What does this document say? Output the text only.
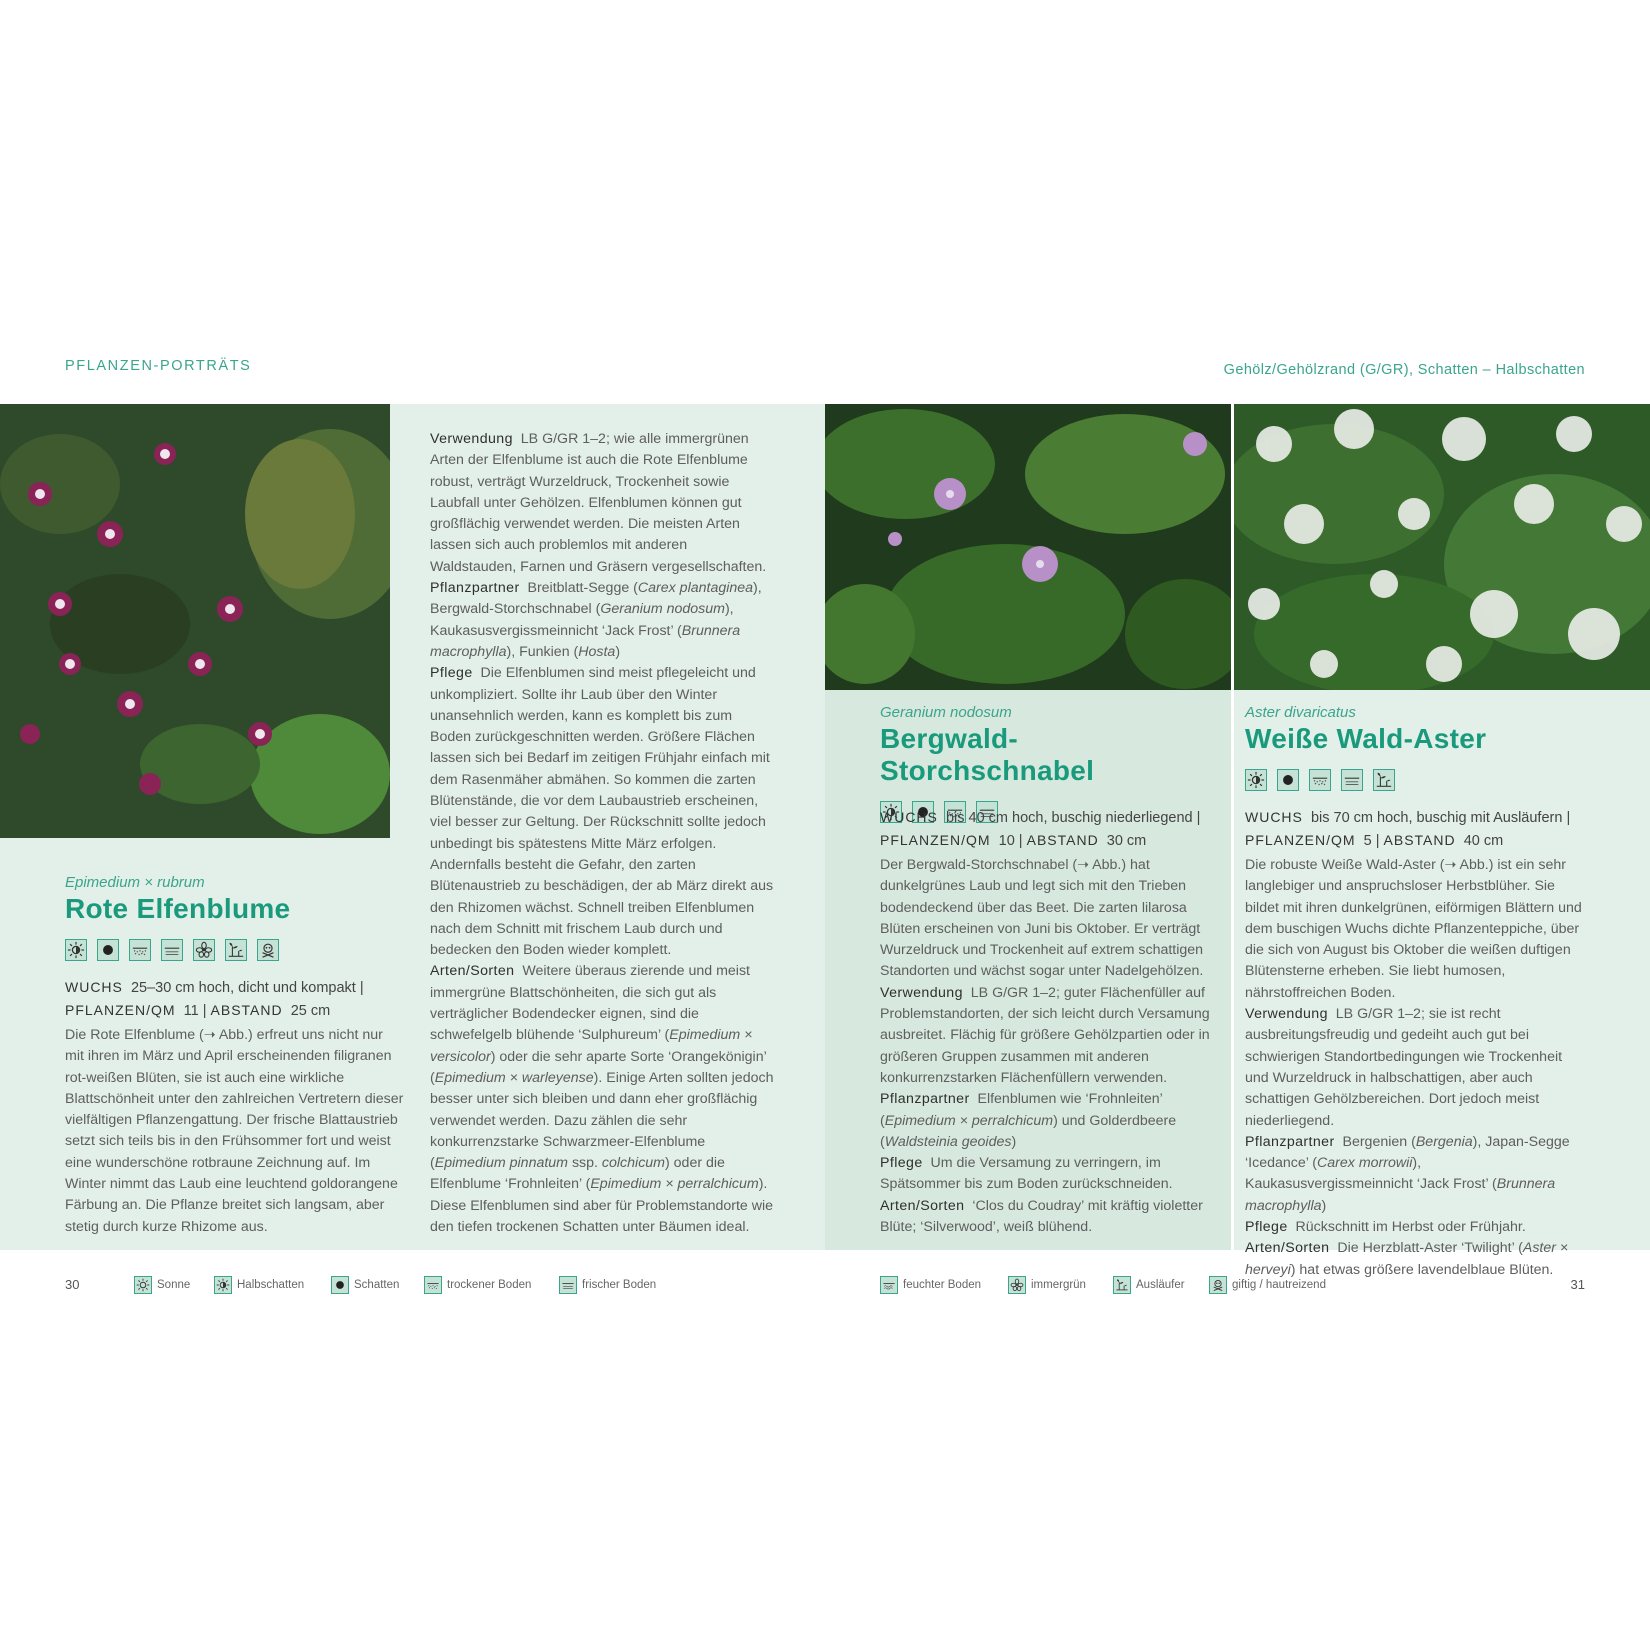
PFLANZEN-PORTRÄTS	Gehölz/Gehölzrand (G/GR), Schatten – Halbschatten
Epimedium × rubrum
Rote Elfenblume
WUCHS 25–30 cm hoch, dicht und kompakt | PFLANZEN/QM 11 | ABSTAND 25 cm
Die Rote Elfenblume (➝ Abb.) erfreut uns nicht nur mit ihren im März und April erscheinenden filigranen rot-weißen Blüten, sie ist auch eine wirkliche Blattschönheit unter den zahlreichen Vertretern dieser vielfältigen Pflanzengattung. Der frische Blattaustrieb setzt sich teils bis in den Frühsommer fort und weist eine wunderschöne rotbraune Zeichnung auf. Im Winter nimmt das Laub eine leuchtend goldorangene Färbung an. Die Pflanze breitet sich langsam, aber stetig durch kurze Rhizome aus.

Verwendung LB G/GR 1–2; wie alle immergrünen Arten der Elfenblume ist auch die Rote Elfenblume robust, verträgt Wurzeldruck, Trockenheit sowie Laubfall unter Gehölzen. Elfenblumen können gut großflächig verwendet werden. Die meisten Arten lassen sich auch problemlos mit anderen Waldstauden, Farnen und Gräsern vergesellschaften.

Pflanzpartner Breitblatt-Segge (Carex plantaginea), Bergwald-Storchschnabel (Geranium nodosum), Kaukasusvergissmeinnicht ‘Jack Frost’ (Brunnera macrophylla), Funkien (Hosta)

Pflege Die Elfenblumen sind meist pflegeleicht und unkompliziert. Sollte ihr Laub über den Winter unansehnlich werden, kann es komplett bis zum Boden zurückgeschnitten werden. Größere Flächen lassen sich bei Bedarf im zeitigen Frühjahr einfach mit dem Rasenmäher abmähen. So kommen die zarten Blütenstände, die vor dem Laubaustrieb erscheinen, viel besser zur Geltung. Der Rückschnitt sollte jedoch unbedingt bis spätestens Mitte März erfolgen. Andernfalls besteht die Gefahr, den zarten Blütenaustrieb zu beschädigen, der ab März direkt aus den Rhizomen wächst. Schnell treiben Elfenblumen nach dem Schnitt mit frischem Laub durch und bedecken den Boden wieder komplett.

Arten/Sorten Weitere überaus zierende und meist immergrüne Blattschönheiten, die sich gut als verträglicher Bodendecker eignen, sind die schwefelgelb blühende ‘Sulphureum’ (Epimedium × versicolor) oder die sehr aparte Sorte ‘Orangekönigin’ (Epimedium × warleyense). Einige Arten sollten jedoch besser unter sich bleiben und dann eher großflächig verwendet werden. Dazu zählen die sehr konkurrenzstarke Schwarzmeer-Elfenblume (Epimedium pinnatum ssp. colchicum) oder die Elfenblume ‘Frohnleiten’ (Epimedium × perralchicum). Diese Elfenblumen sind aber für Problemstandorte wie den tiefen trockenen Schatten unter Bäumen ideal.

Geranium nodosum
Bergwald-Storchschnabel
WUCHS bis 40 cm hoch, buschig niederliegend | PFLANZEN/QM 10 | ABSTAND 30 cm

Der Bergwald-Storchschnabel (➝ Abb.) hat dunkelgrünes Laub und legt sich mit den Trieben bodendeckend über das Beet. Die zarten lilarosa Blüten erscheinen von Juni bis Oktober. Er verträgt Wurzeldruck und Trockenheit auf extrem schattigen Standorten und wächst sogar unter Nadelgehölzen.

Verwendung LB G/GR 1–2; guter Flächenfüller auf Problemstandorten, der sich leicht durch Versamung ausbreitet. Flächig für größere Gehölzpartien oder in größeren Gruppen zusammen mit anderen konkurrenzstarken Flächenfüllern verwenden.

Pflanzpartner Elfenblumen wie ‘Frohnleiten’ (Epimedium × perralchicum) und Golderdbeere (Waldsteinia geoides)

Pflege Um die Versamung zu verringern, im Spätsommer bis zum Boden zurückschneiden.

Arten/Sorten ‘Clos du Coudray’ mit kräftig violetter Blüte; ‘Silverwood’, weiß blühend.

Aster divaricatus
Weiße Wald-Aster
WUCHS bis 70 cm hoch, buschig mit Ausläufern | PFLANZEN/QM 5 | ABSTAND 40 cm

Die robuste Weiße Wald-Aster (➝ Abb.) ist ein sehr langlebiger und anspruchsloser Herbstblüher. Sie bildet mit ihren dunkelgrünen, eiförmigen Blättern und dem buschigen Wuchs dichte Pflanzenteppiche, über die sich von August bis Oktober die weißen duftigen Blütensterne erheben. Sie liebt humosen, nährstoffreichen Boden.

Verwendung LB G/GR 1–2; sie ist recht ausbreitungsfreudig und gedeiht auch gut bei schwierigen Standortbedingungen wie Trockenheit und Wurzeldruck in halbschattigen, aber auch schattigen Gehölzbereichen. Dort jedoch meist niederliegend.

Pflanzpartner Bergenien (Bergenia), Japan-Segge ‘Icedance’ (Carex morrowii), Kaukasusvergissmeinnicht ‘Jack Frost’ (Brunnera macrophylla)

Pflege Rückschnitt im Herbst oder Frühjahr.

Arten/Sorten Die Herzblatt-Aster ‘Twilight’ (Aster × herveyi) hat etwas größere lavendelblaue Blüten.

30	31
Sonne	Halbschatten	Schatten	trockener Boden	frischer Boden	feuchter Boden	immergrün	Ausläufer	giftig / hautreizend
